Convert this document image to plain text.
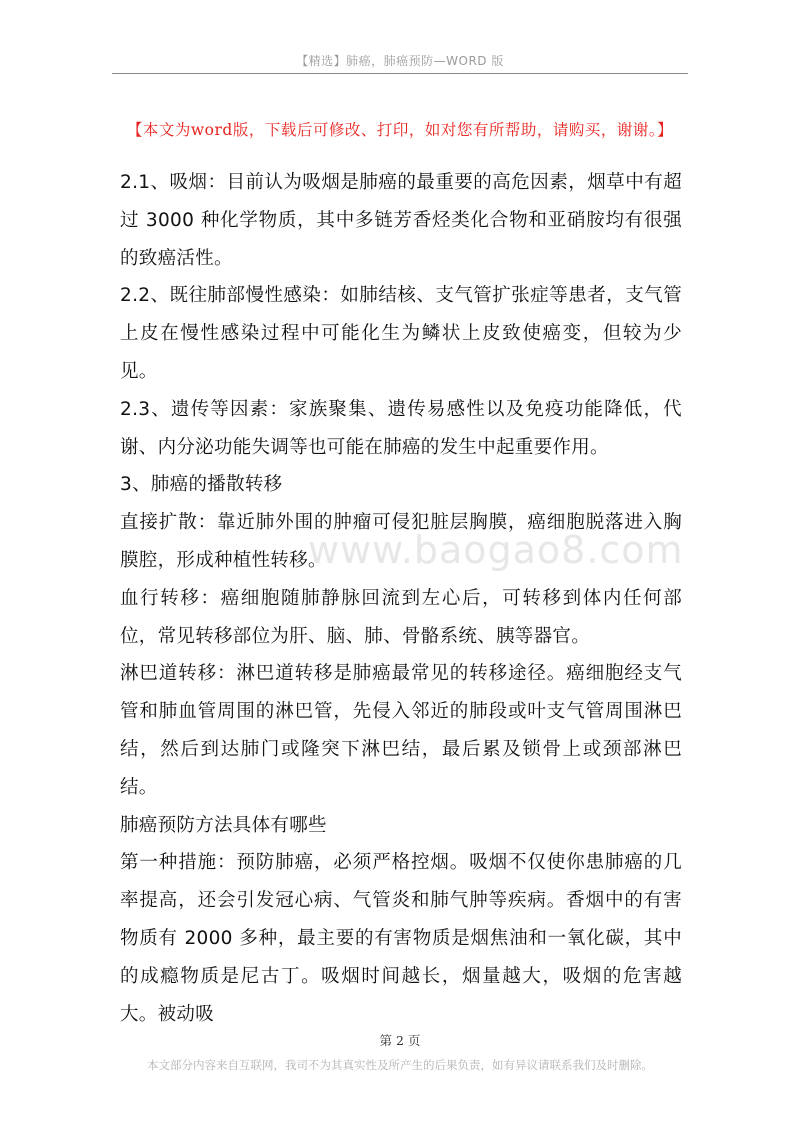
【精选】肺癌，肺癌预防—WORD 版
【本文为word版，下载后可修改、打印，如对您有所帮助，请购买，谢谢。】
www.baogao8.com

2.1、吸烟：目前认为吸烟是肺癌的最重要的高危因素，烟草中有超过 3000 种化学物质，其中多链芳香烃类化合物和亚硝胺均有很强的致癌活性。

2.2、既往肺部慢性感染：如肺结核、支气管扩张症等患者，支气管上皮在慢性感染过程中可能化生为鳞状上皮致使癌变，但较为少见。

2.3、遗传等因素：家族聚集、遗传易感性以及免疫功能降低，代谢、内分泌功能失调等也可能在肺癌的发生中起重要作用。

3、肺癌的播散转移

直接扩散：靠近肺外围的肿瘤可侵犯脏层胸膜，癌细胞脱落进入胸膜腔，形成种植性转移。

血行转移：癌细胞随肺静脉回流到左心后，可转移到体内任何部位，常见转移部位为肝、脑、肺、骨骼系统、胰等器官。

淋巴道转移：淋巴道转移是肺癌最常见的转移途径。癌细胞经支气管和肺血管周围的淋巴管，先侵入邻近的肺段或叶支气管周围淋巴结，然后到达肺门或隆突下淋巴结，最后累及锁骨上或颈部淋巴结。

肺癌预防方法具体有哪些

第一种措施：预防肺癌，必须严格控烟。吸烟不仅使你患肺癌的几率提高，还会引发冠心病、气管炎和肺气肿等疾病。香烟中的有害物质有 2000 多种，最主要的有害物质是烟焦油和一氧化碳，其中的成瘾物质是尼古丁。吸烟时间越长，烟量越大，吸烟的危害越大。被动吸

第 2 页
本文部分内容来自互联网，我司不为其真实性及所产生的后果负责，如有异议请联系我们及时删除。
